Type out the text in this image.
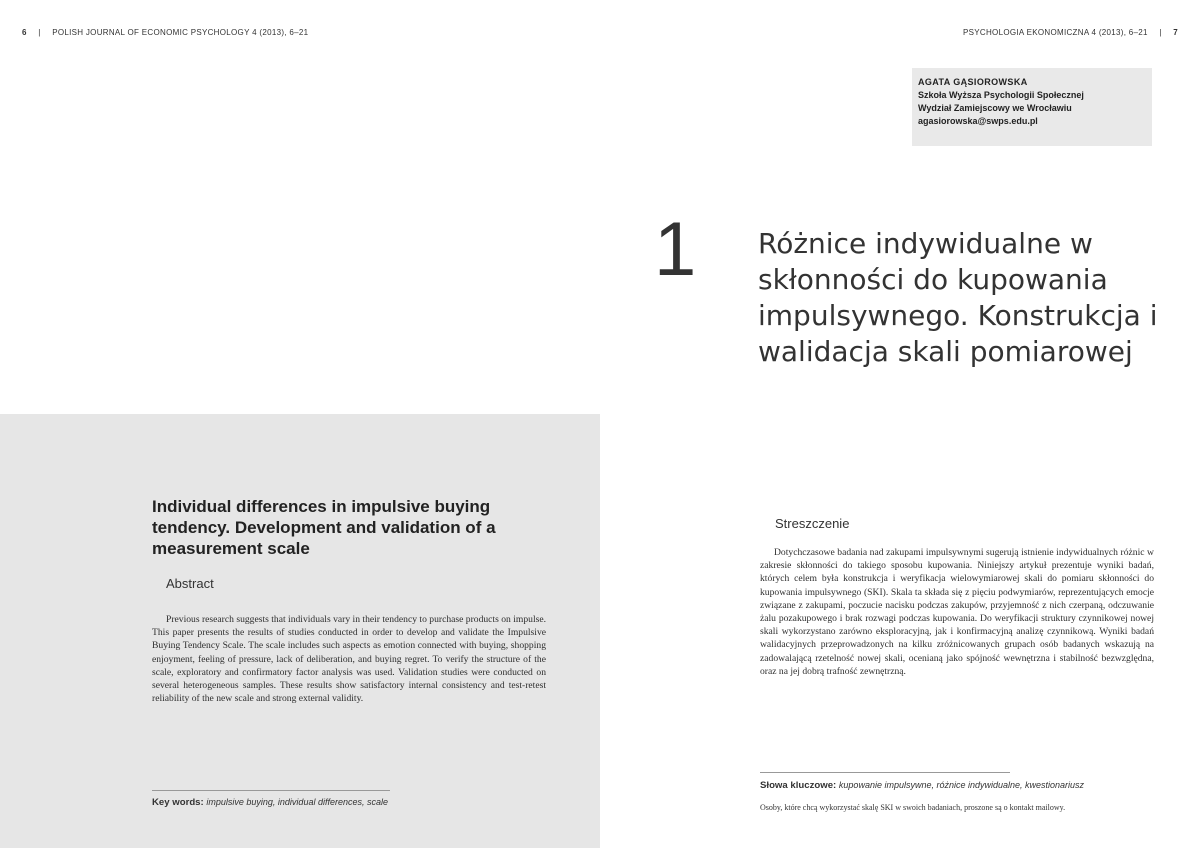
6 | POLISH JOURNAL OF ECONOMIC PSYCHOLOGY 4 (2013), 6–21	PSYCHOLOGIA EKONOMICZNA 4 (2013), 6–21 | 7
AGATA GĄSIOROWSKA
Szkoła Wyższa Psychologii Społecznej
Wydział Zamiejscowy we Wrocławiu
agasiorowska@swps.edu.pl
1 Różnice indywidualne w skłonności do kupowania impulsywnego. Konstrukcja i walidacja skali pomiarowej
Individual differences in impulsive buying tendency. Development and validation of a measurement scale
Abstract
Previous research suggests that individuals vary in their tendency to purchase products on impulse. This paper presents the results of studies conducted in order to develop and validate the Impulsive Buying Tendency Scale. The scale includes such aspects as emotion connected with buying, shopping enjoyment, feeling of pressure, lack of deliberation, and buying regret. To verify the structure of the scale, exploratory and confirmatory factor analysis was used. Validation studies were conducted on several heterogeneous samples. These results show satisfactory internal consistency and test-retest reliability of the new scale and strong external validity.
Key words: impulsive buying, individual differences, scale
Streszczenie
Dotychczasowe badania nad zakupami impulsywnymi sugerują istnienie indywidualnych różnic w zakresie skłonności do takiego sposobu kupowania. Niniejszy artykuł prezentuje wyniki badań, których celem była konstrukcja i weryfikacja wielowymiarowej skali do pomiaru skłonności do kupowania impulsywnego (SKI). Skala ta składa się z pięciu podwymiarów, reprezentujących emocje związane z zakupami, poczucie nacisku podczas zakupów, przyjemność z nich czerpaną, odczuwanie żalu pozakupowego i brak rozwagi podczas kupowania. Do weryfikacji struktury czynnikowej nowej skali wykorzystano zarówno eksploracyjną, jak i konfirmacyjną analizę czynnikową. Wyniki badań walidacyjnych przeprowadzonych na kilku zróżnicowanych grupach osób badanych wskazują na zadowalającą rzetelność nowej skali, ocenianą jako spójność wewnętrzna i stabilność bezwzględna, oraz na jej dobrą trafność zewnętrzną.
Słowa kluczowe: kupowanie impulsywne, różnice indywidualne, kwestionariusz
Osoby, które chcą wykorzystać skalę SKI w swoich badaniach, proszone są o kontakt mailowy.
